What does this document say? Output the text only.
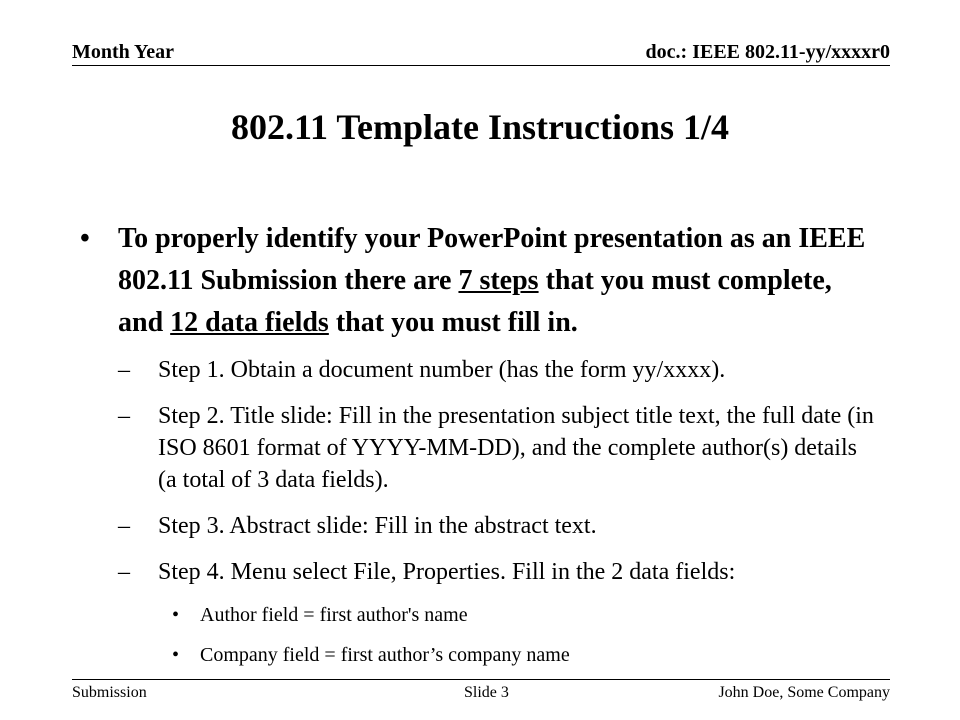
Month Year	doc.: IEEE 802.11-yy/xxxxr0
802.11 Template Instructions 1/4
• To properly identify your PowerPoint presentation as an IEEE 802.11 Submission there are 7 steps that you must complete, and 12 data fields that you must fill in.
– Step 1. Obtain a document number (has the form yy/xxxx).
– Step 2. Title slide: Fill in the presentation subject title text, the full date (in ISO 8601 format of YYYY-MM-DD), and the complete author(s) details (a total of 3 data fields).
– Step 3. Abstract slide: Fill in the abstract text.
– Step 4. Menu select File, Properties. Fill in the 2 data fields:
• Author field = first author's name
• Company field = first author’s company name
Submission	Slide 3	John Doe, Some Company
